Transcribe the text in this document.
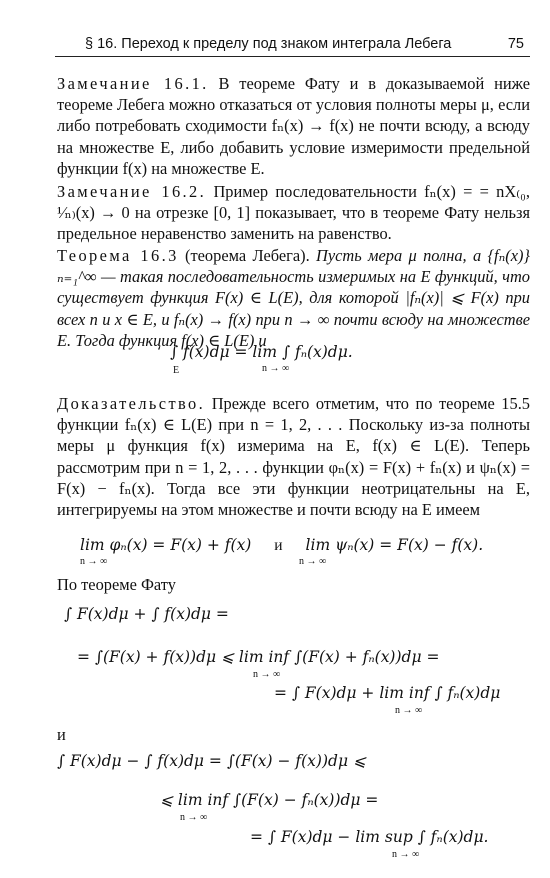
§ 16. Переход к пределу под знаком интеграла Лебега	75
Замечание 16.1. В теореме Фату и в доказываемой ниже теореме Лебега можно отказаться от условия полноты меры μ, если либо потребовать сходимости fₙ(x) → f(x) не почти всюду, а всюду на множестве E, либо добавить условие измеримости предельной функции f(x) на множестве E.
Замечание 16.2. Пример последовательности fₙ(x) = = nX₍₀, ¹⁄ₙ₎(x) → 0 на отрезке [0, 1] показывает, что в теореме Фату нельзя предельное неравенство заменить на равенство.
Теорема 16.3 (теорема Лебега). Пусть мера μ полна, а {fₙ(x)}ₙ₌₁^∞ — такая последовательность измеримых на E функций, что существует функция F(x) ∈ L(E), для которой |fₙ(x)| ⩽ F(x) при всех n и x ∈ E, и fₙ(x) → f(x) при n → ∞ почти всюду на множестве E. Тогда функция f(x) ∈ L(E) и
∫ f(x)dμ = lim ∫ fₙ(x)dμ.
E	n → ∞
Доказательство. Прежде всего отметим, что по теореме 15.5 функции fₙ(x) ∈ L(E) при n = 1, 2, . . . Поскольку из-за полноты меры μ функция f(x) измерима на E, f(x) ∈ L(E). Теперь рассмотрим при n = 1, 2, . . . функции φₙ(x) = F(x) + fₙ(x) и ψₙ(x) = F(x) − fₙ(x). Тогда все эти функции неотрицательны на E, интегрируемы на этом множестве и почти всюду на E имеем
lim φₙ(x) = F(x) + f(x) и lim ψₙ(x) = F(x) − f(x).
n → ∞	n → ∞
По теореме Фату
∫ F(x)dμ + ∫ f(x)dμ =
= ∫(F(x) + f(x))dμ ⩽ lim inf ∫(F(x) + fₙ(x))dμ =
n → ∞
= ∫ F(x)dμ + lim inf ∫ fₙ(x)dμ
n → ∞
и
∫ F(x)dμ − ∫ f(x)dμ = ∫(F(x) − f(x))dμ ⩽
⩽ lim inf ∫(F(x) − fₙ(x))dμ =
n → ∞
= ∫ F(x)dμ − lim sup ∫ fₙ(x)dμ.
n → ∞
